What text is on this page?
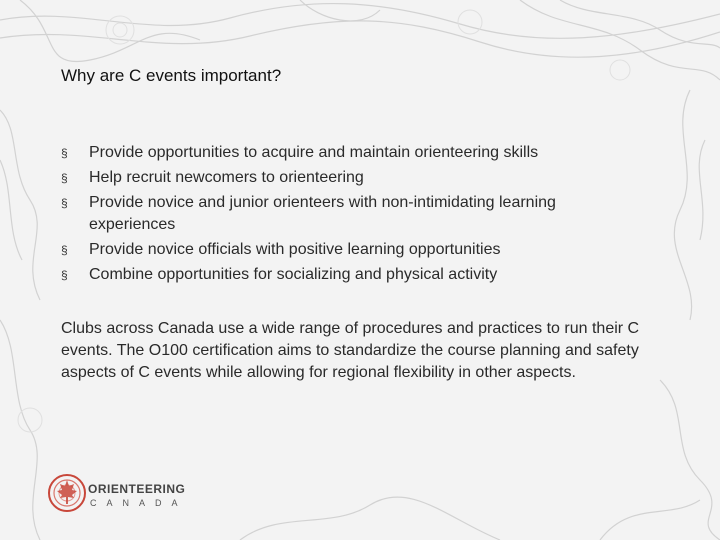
Why are C events important?
§ Provide opportunities to acquire and maintain orienteering skills
§ Help recruit newcomers to orienteering
§ Provide novice and junior orienteers with non-intimidating learning experiences
§ Provide novice officials with positive learning opportunities
§ Combine opportunities for socializing and physical activity

Clubs across Canada use a wide range of procedures and practices to run their C events. The O100 certification aims to standardize the course planning and safety aspects of C events while allowing for regional flexibility in other aspects.

ORIENTEERING
CANADA
